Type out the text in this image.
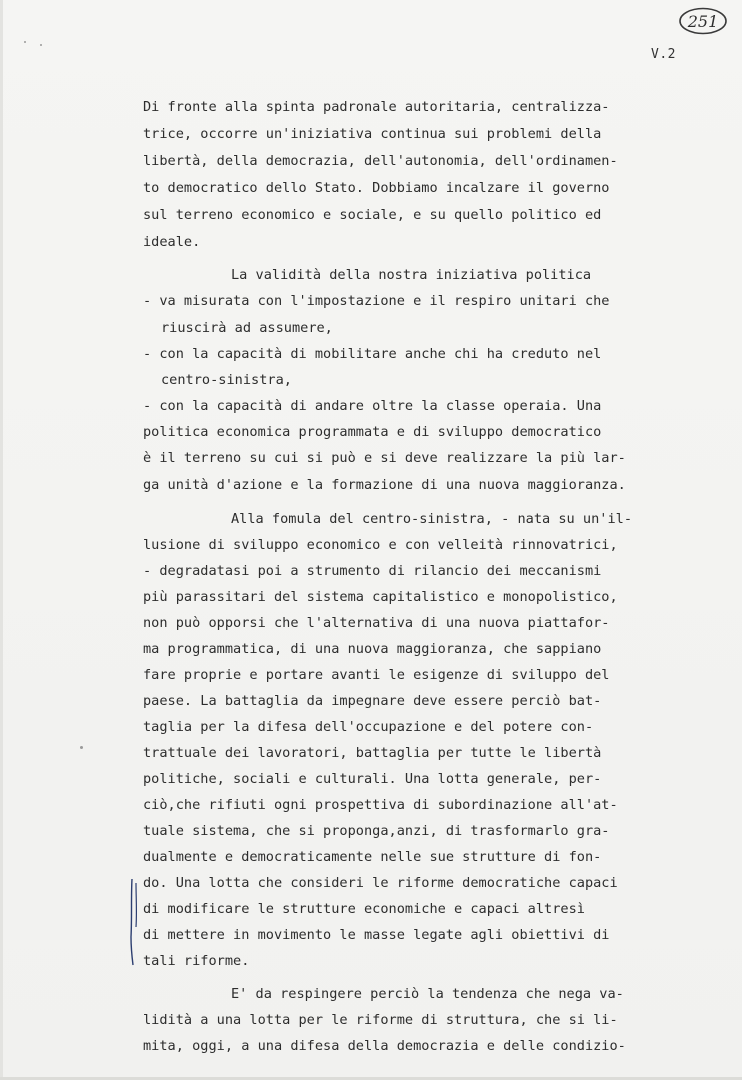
251
V.2
Di fronte alla spinta padronale autoritaria, centralizza-
trice, occorre un'iniziativa continua sui problemi della
libertà, della democrazia, dell'autonomia, dell'ordinamen-
to democratico dello Stato. Dobbiamo incalzare il governo
sul terreno economico e sociale, e su quello politico ed
ideale.
La validità della nostra iniziativa politica
- va misurata con l'impostazione e il respiro unitari che
riuscirà ad assumere,
- con la capacità di mobilitare anche chi ha creduto nel
centro-sinistra,
- con la capacità di andare oltre la classe operaia. Una
politica economica programmata e di sviluppo democratico
è il terreno su cui si può e si deve realizzare la più lar-
ga unità d'azione e la formazione di una nuova maggioranza.
Alla fomula del centro-sinistra, - nata su un'il-
lusione di sviluppo economico e con velleità rinnovatrici,
- degradatasi poi a strumento di rilancio dei meccanismi
più parassitari del sistema capitalistico e monopolistico,
non può opporsi che l'alternativa di una nuova piattafor-
ma programmatica, di una nuova maggioranza, che sappiano
fare proprie e portare avanti le esigenze di sviluppo del
paese. La battaglia da impegnare deve essere perciò bat-
taglia per la difesa dell'occupazione e del potere con-
trattuale dei lavoratori, battaglia per tutte le libertà
politiche, sociali e culturali. Una lotta generale, per-
ciò,che rifiuti ogni prospettiva di subordinazione all'at-
tuale sistema, che si proponga,anzi, di trasformarlo gra-
dualmente e democraticamente nelle sue strutture di fon-
do. Una lotta che consideri le riforme democratiche capaci
di modificare le strutture economiche e capaci altresì
di mettere in movimento le masse legate agli obiettivi di
tali riforme.
E' da respingere perciò la tendenza che nega va-
lidità a una lotta per le riforme di struttura, che si li-
mita, oggi, a una difesa della democrazia e delle condizio-
